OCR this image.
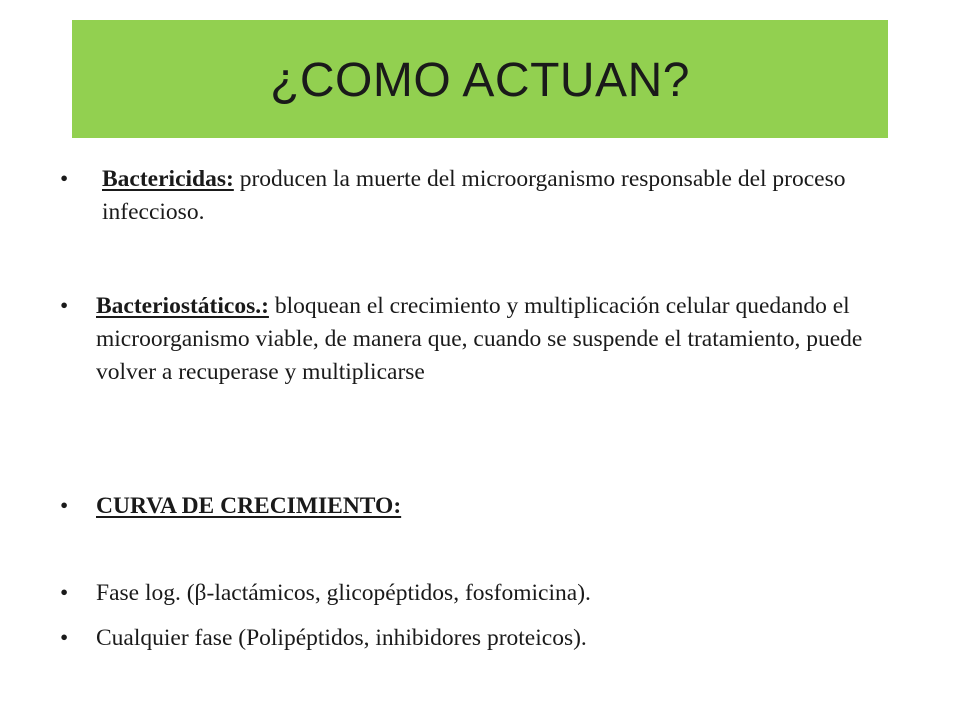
¿COMO ACTUAN?
• Bactericidas: producen la muerte del microorganismo responsable del proceso infeccioso.
• Bacteriostáticos.: bloquean el crecimiento y multiplicación celular quedando el microorganismo viable, de manera que, cuando se suspende el tratamiento, puede volver a recuperase y multiplicarse
• CURVA DE CRECIMIENTO:
• Fase log. (β-lactámicos, glicopéptidos, fosfomicina).
• Cualquier fase (Polipéptidos, inhibidores proteicos).
